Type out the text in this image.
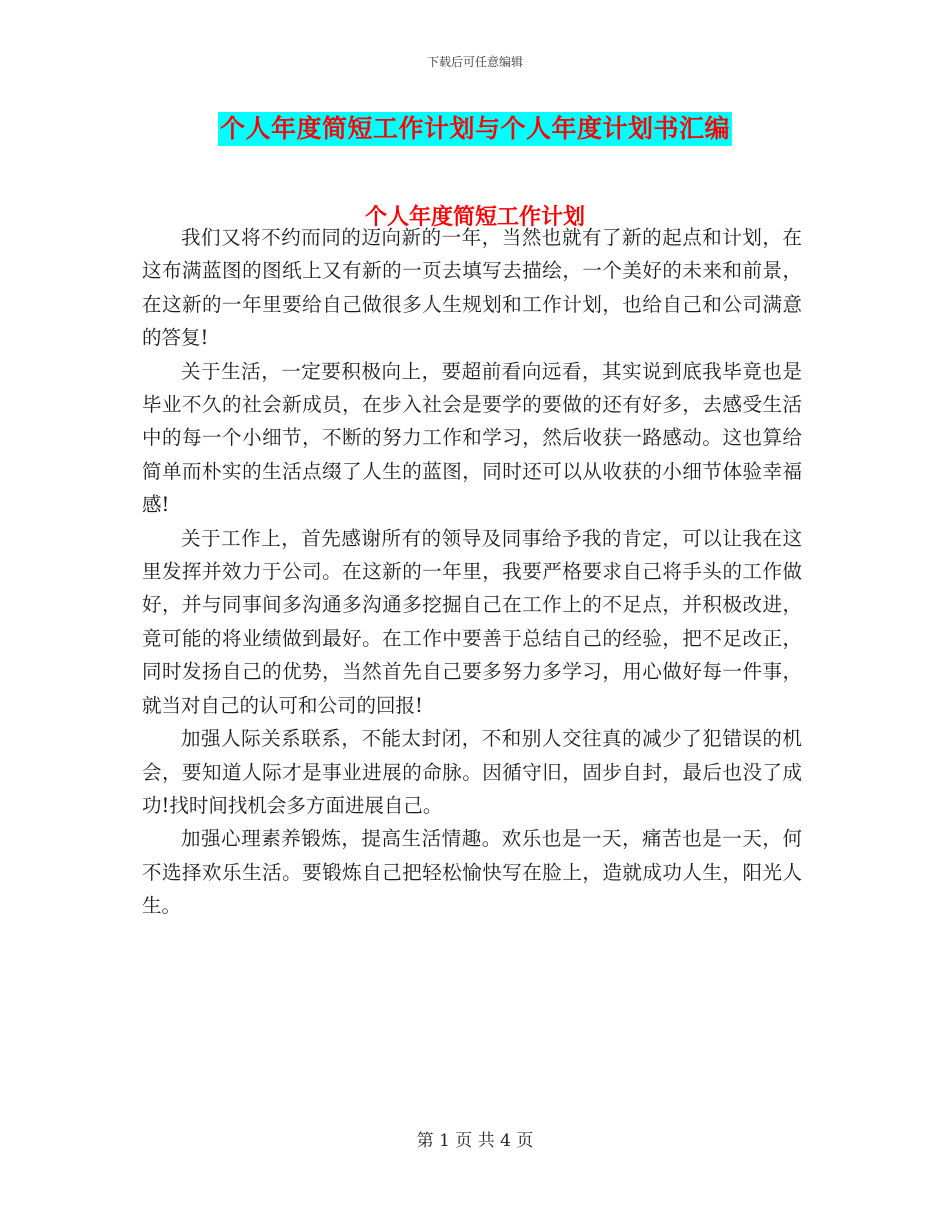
下载后可任意编辑
个人年度简短工作计划与个人年度计划书汇编
个人年度简短工作计划

我们又将不约而同的迈向新的一年，当然也就有了新的起点和计划，在这布满蓝图的图纸上又有新的一页去填写去描绘，一个美好的未来和前景，在这新的一年里要给自己做很多人生规划和工作计划，也给自己和公司满意的答复!

关于生活，一定要积极向上，要超前看向远看，其实说到底我毕竟也是毕业不久的社会新成员，在步入社会是要学的要做的还有好多，去感受生活中的每一个小细节，不断的努力工作和学习，然后收获一路感动。这也算给简单而朴实的生活点缀了人生的蓝图，同时还可以从收获的小细节体验幸福感!

关于工作上，首先感谢所有的领导及同事给予我的肯定，可以让我在这里发挥并效力于公司。在这新的一年里，我要严格要求自己将手头的工作做好，并与同事间多沟通多沟通多挖掘自己在工作上的不足点，并积极改进，竟可能的将业绩做到最好。在工作中要善于总结自己的经验，把不足改正，同时发扬自己的优势，当然首先自己要多努力多学习，用心做好每一件事，就当对自己的认可和公司的回报!

加强人际关系联系，不能太封闭，不和别人交往真的减少了犯错误的机会，要知道人际才是事业进展的命脉。因循守旧，固步自封，最后也没了成功!找时间找机会多方面进展自己。

加强心理素养锻炼，提高生活情趣。欢乐也是一天，痛苦也是一天，何不选择欢乐生活。要锻炼自己把轻松愉快写在脸上，造就成功人生，阳光人生。

第 1 页 共 4 页
